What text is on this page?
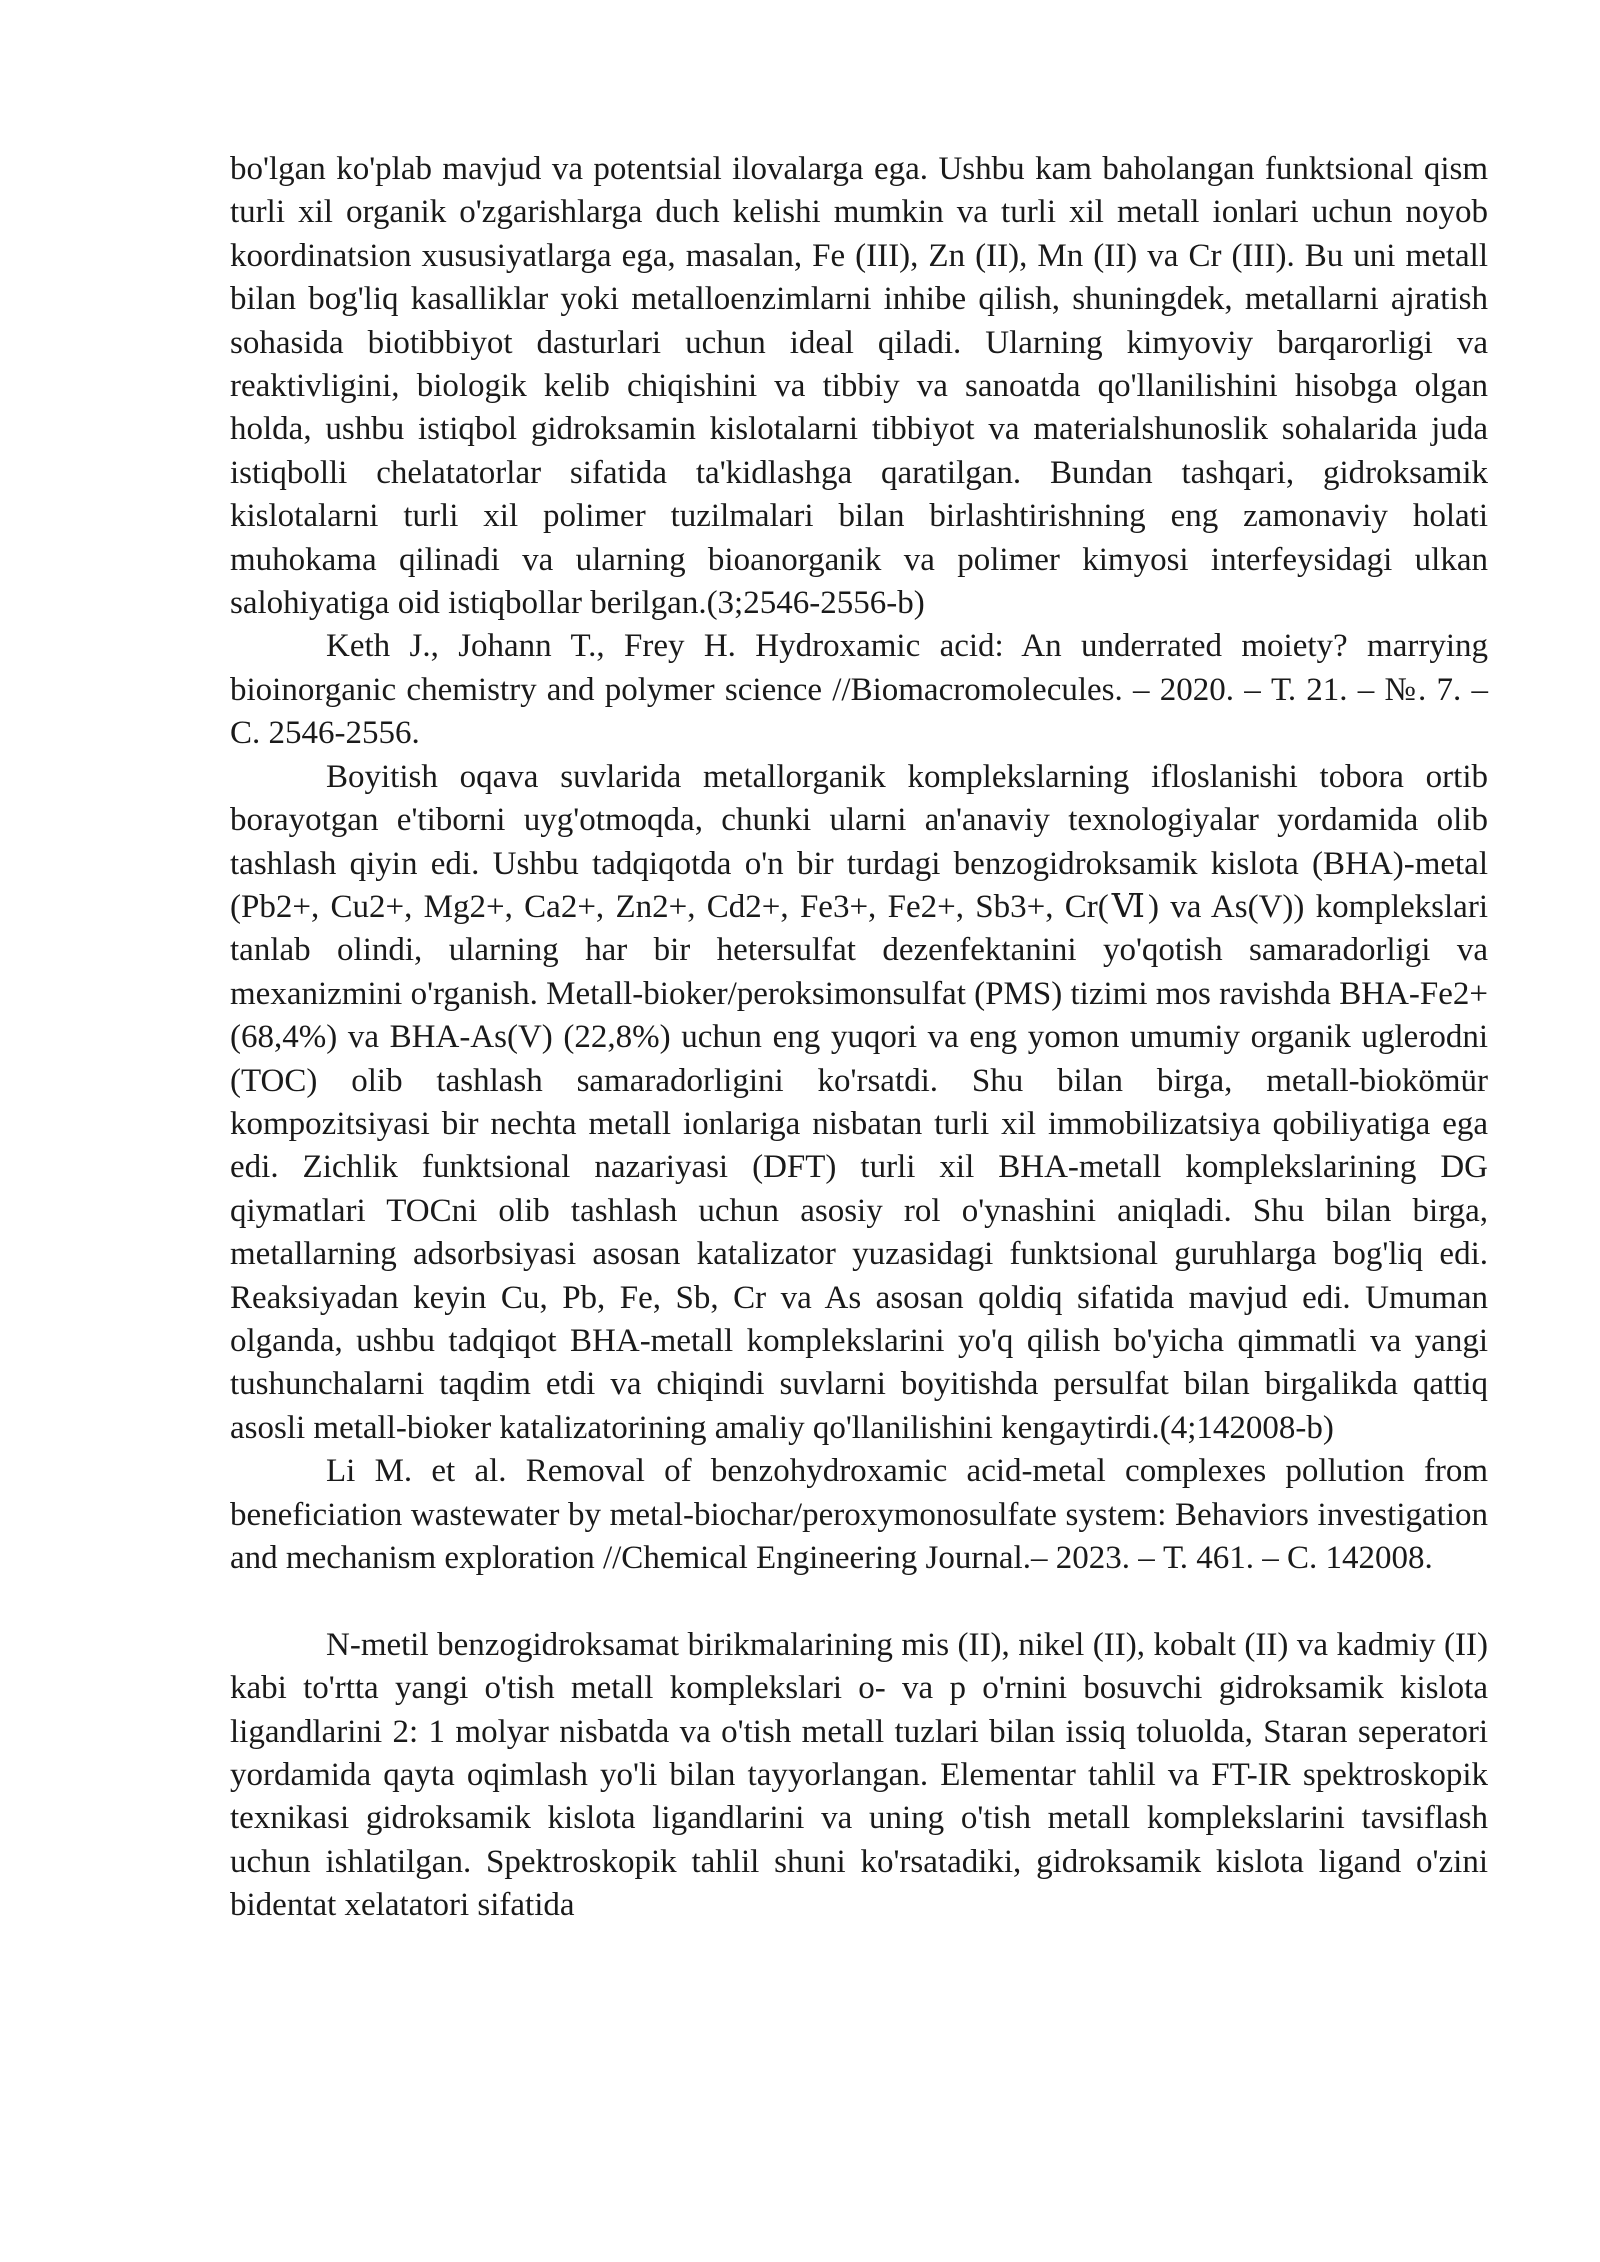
bo'lgan ko'plab mavjud va potentsial ilovalarga ega. Ushbu kam baholangan funktsional qism turli xil organik o'zgarishlarga duch kelishi mumkin va turli xil metall ionlari uchun noyob koordinatsion xususiyatlarga ega, masalan, Fe (III), Zn (II), Mn (II) va Cr (III). Bu uni metall bilan bog'liq kasalliklar yoki metalloenzimlarni inhibe qilish, shuningdek, metallarni ajratish sohasida biotibbiyot dasturlari uchun ideal qiladi. Ularning kimyoviy barqarorligi va reaktivligini, biologik kelib chiqishini va tibbiy va sanoatda qo'llanilishini hisobga olgan holda, ushbu istiqbol gidroksamin kislotalarni tibbiyot va materialshunoslik sohalarida juda istiqbolli chelatatorlar sifatida ta'kidlashga qaratilgan. Bundan tashqari, gidroksamik kislotalarni turli xil polimer tuzilmalari bilan birlashtirishning eng zamonaviy holati muhokama qilinadi va ularning bioanorganik va polimer kimyosi interfeysidagi ulkan salohiyatiga oid istiqbollar berilgan.(3;2546-2556-b)

Keth J., Johann T., Frey H. Hydroxamic acid: An underrated moiety? marrying bioinorganic chemistry and polymer science //Biomacromolecules. – 2020. – Т. 21. – №. 7. – С. 2546-2556.

Boyitish oqava suvlarida metallorganik komplekslarning ifloslanishi tobora ortib borayotgan e'tiborni uyg'otmoqda, chunki ularni an'anaviy texnologiyalar yordamida olib tashlash qiyin edi. Ushbu tadqiqotda o'n bir turdagi benzogidroksamik kislota (BHA)-metal (Pb2+, Cu2+, Mg2+, Ca2+, Zn2+, Cd2+, Fe3+, Fe2+, Sb3+, Cr(Ⅵ) va As(V)) komplekslari tanlab olindi, ularning har bir hetersulfat dezenfektanini yo'qotish samaradorligi va mexanizmini o'rganish. Metall-bioker/peroksimonsulfat (PMS) tizimi mos ravishda BHA-Fe2+ (68,4%) va BHA-As(V) (22,8%) uchun eng yuqori va eng yomon umumiy organik uglerodni (TOC) olib tashlash samaradorligini ko'rsatdi. Shu bilan birga, metall-biokömür kompozitsiyasi bir nechta metall ionlariga nisbatan turli xil immobilizatsiya qobiliyatiga ega edi. Zichlik funktsional nazariyasi (DFT) turli xil BHA-metall komplekslarining DG qiymatlari TOCni olib tashlash uchun asosiy rol o'ynashini aniqladi. Shu bilan birga, metallarning adsorbsiyasi asosan katalizator yuzasidagi funktsional guruhlarga bog'liq edi. Reaksiyadan keyin Cu, Pb, Fe, Sb, Cr va As asosan qoldiq sifatida mavjud edi. Umuman olganda, ushbu tadqiqot BHA-metall komplekslarini yo'q qilish bo'yicha qimmatli va yangi tushunchalarni taqdim etdi va chiqindi suvlarni boyitishda persulfat bilan birgalikda qattiq asosli metall-bioker katalizatorining amaliy qo'llanilishini kengaytirdi.(4;142008-b)

Li M. et al. Removal of benzohydroxamic acid-metal complexes pollution from beneficiation wastewater by metal-biochar/peroxymonosulfate system: Behaviors investigation and mechanism exploration //Chemical Engineering Journal.– 2023. – Т. 461. – С. 142008.

N-metil benzogidroksamat birikmalarining mis (II), nikel (II), kobalt (II) va kadmiy (II) kabi to'rtta yangi o'tish metall komplekslari o- va p o'rnini bosuvchi gidroksamik kislota ligandlarini 2: 1 molyar nisbatda va o'tish metall tuzlari bilan issiq toluolda, Staran seperatori yordamida qayta oqimlash yo'li bilan tayyorlangan. Elementar tahlil va FT-IR spektroskopik texnikasi gidroksamik kislota ligandlarini va uning o'tish metall komplekslarini tavsiflash uchun ishlatilgan. Spektroskopik tahlil shuni ko'rsatadiki, gidroksamik kislota ligand o'zini bidentat xelatatori sifatida
